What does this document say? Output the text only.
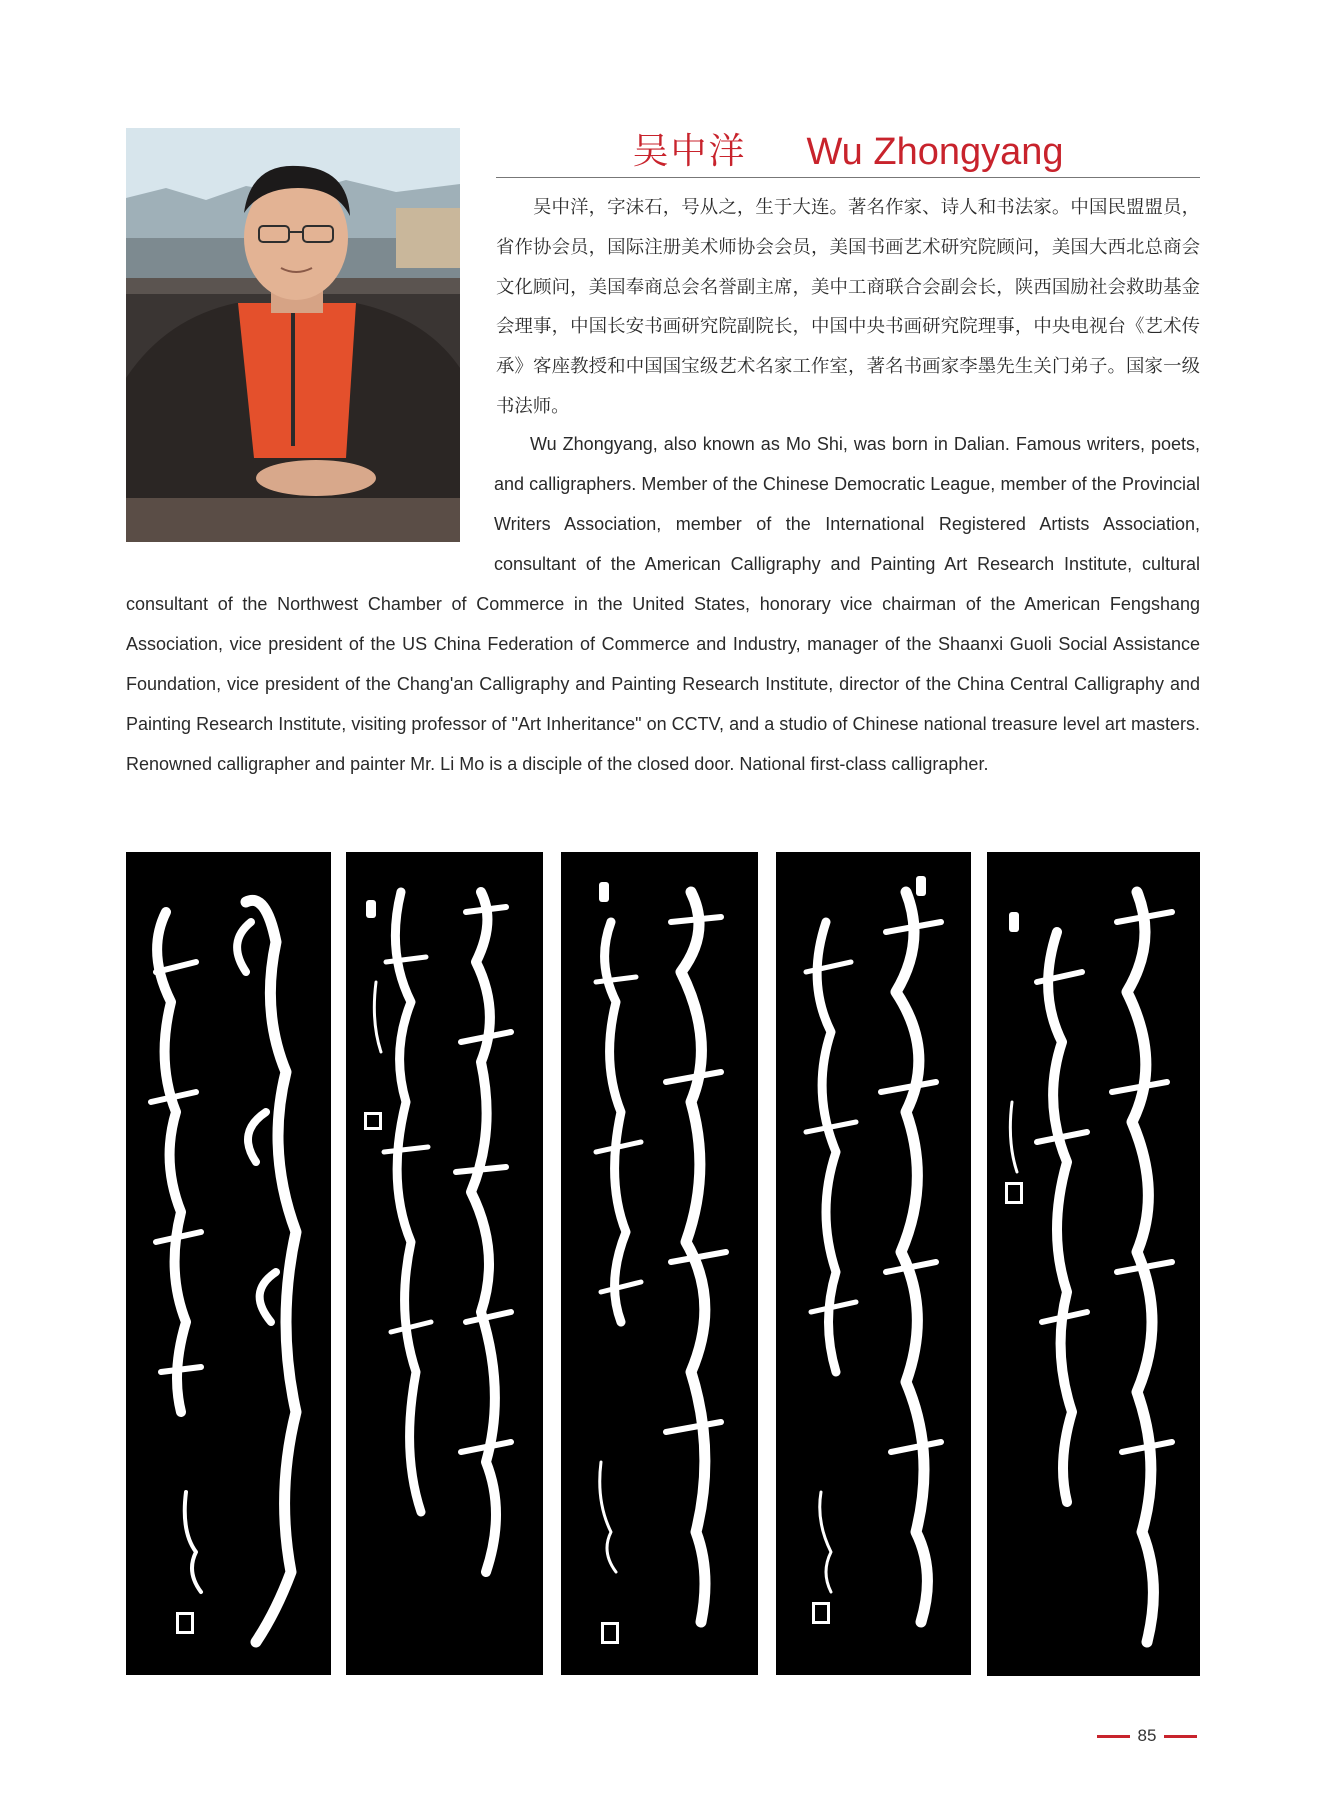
吴中洋 Wu Zhongyang

吴中洋，字沫石，号从之，生于大连。著名作家、诗人和书法家。中国民盟盟员，省作协会员，国际注册美术师协会会员，美国书画艺术研究院顾问，美国大西北总商会文化顾问，美国奉商总会名誉副主席，美中工商联合会副会长，陕西国励社会救助基金会理事，中国长安书画研究院副院长，中国中央书画研究院理事，中央电视台《艺术传承》客座教授和中国国宝级艺术名家工作室，著名书画家李墨先生关门弟子。国家一级书法师。

Wu Zhongyang, also known as Mo Shi, was born in Dalian. Famous writers, poets, and calligraphers. Member of the Chinese Democratic League, member of the Provincial Writers Association, member of the International Registered Artists Association, consultant of the American Calligraphy and Painting Art Research Institute, cultural consultant of the Northwest Chamber of Commerce in the United States, honorary vice chairman of the American Fengshang Association, vice president of the US China Federation of Commerce and Industry, manager of the Shaanxi Guoli Social Assistance Foundation, vice president of the Chang'an Calligraphy and Painting Research Institute, director of the China Central Calligraphy and Painting Research Institute, visiting professor of "Art Inheritance" on CCTV, and a studio of Chinese national treasure level art masters. Renowned calligrapher and painter Mr. Li Mo is a disciple of the closed door. National first-class calligrapher.

85
